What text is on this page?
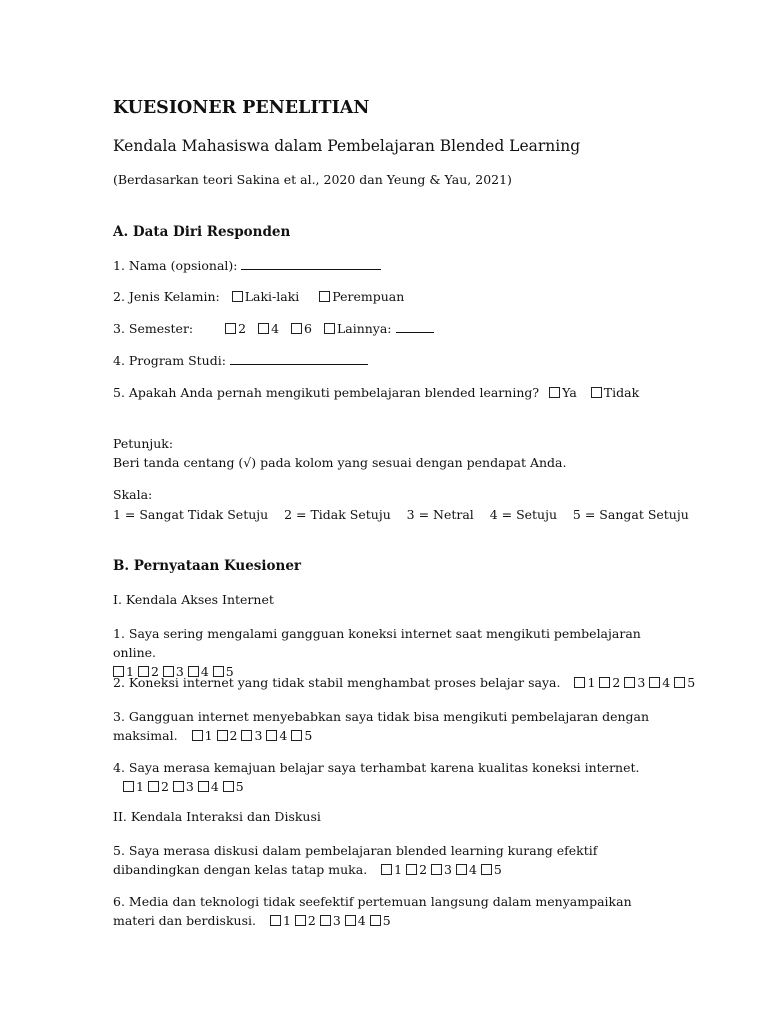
KUESIONER PENELITIAN

Kendala Mahasiswa dalam Pembelajaran Blended Learning

(Berdasarkan teori Sakina et al., 2020 dan Yeung & Yau, 2021)

A. Data Diri Responden

1. Nama (opsional):

2. Jenis Kelamin: Laki-laki	Perempuan

3. Semester:	2 4 6 Lainnya:

4. Program Studi:

5. Apakah Anda pernah mengikuti pembelajaran blended learning? Ya Tidak

Petunjuk:

Beri tanda centang (√) pada kolom yang sesuai dengan pendapat Anda.

Skala:

1 = Sangat Tidak Setuju    2 = Tidak Setuju    3 = Netral    4 = Setuju    5 = Sangat Setuju

B. Pernyataan Kuesioner

I. Kendala Akses Internet

1. Saya sering mengalami gangguan koneksi internet saat mengikuti pembelajaran online.
1 2 3 4 5
2. Koneksi internet yang tidak stabil menghambat proses belajar saya. 1 2 3 4 5
3. Gangguan internet menyebabkan saya tidak bisa mengikuti pembelajaran dengan maksimal. 1 2 3 4 5
4. Saya merasa kemajuan belajar saya terhambat karena kualitas koneksi internet. 1 2 3 4 5

II. Kendala Interaksi dan Diskusi

5. Saya merasa diskusi dalam pembelajaran blended learning kurang efektif dibandingkan dengan kelas tatap muka. 1 2 3 4 5
6. Media dan teknologi tidak seefektif pertemuan langsung dalam menyampaikan materi dan berdiskusi. 1 2 3 4 5
